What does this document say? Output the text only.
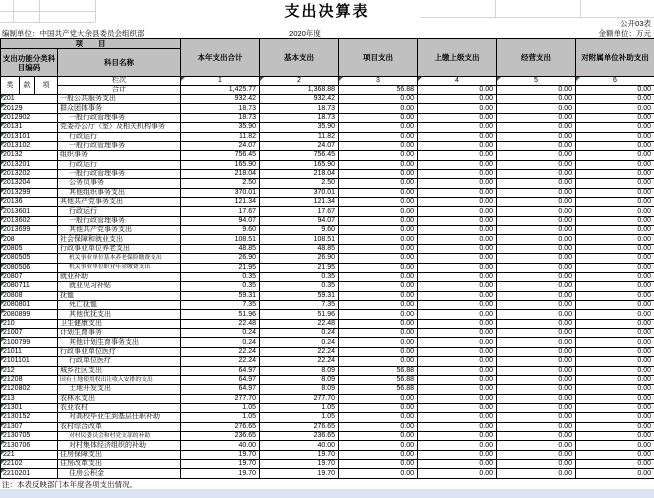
支出决算表
公开03表
编制单位：中国共产党大余县委员会组织部	2020年度	金额单位：万元
项　　目				本年支出合计	基本支出	项目支出	上缴上级支出	经营支出	对附属单位补助支出
支出功能分类科目编码			科目名称						
类	款	项	栏次	1	2	3	4	5	6
			合计	1,425.77	1,368.88	56.88	0.00	0.00	0.00

201			一般公共服务支出	932.42	932.42	0.00	0.00	0.00	0.00

20129			群众团体事务	18.73	18.73	0.00	0.00	0.00	0.00

2012902			一般行政管理事务	18.73	18.73	0.00	0.00	0.00	0.00

20131			党委办公厅（室）及相关机构事务	35.90	35.90	0.00	0.00	0.00	0.00

2013101			行政运行	11.82	11.82	0.00	0.00	0.00	0.00

2013102			一般行政管理事务	24.07	24.07	0.00	0.00	0.00	0.00

20132			组织事务	756.45	756.45	0.00	0.00	0.00	0.00

2013201			行政运行	165.90	165.90	0.00	0.00	0.00	0.00

2013202			一般行政管理事务	218.04	218.04	0.00	0.00	0.00	0.00

2013204			公务员事务	2.50	2.50	0.00	0.00	0.00	0.00

2013299			其他组织事务支出	370.01	370.01	0.00	0.00	0.00	0.00

20136			其他共产党事务支出	121.34	121.34	0.00	0.00	0.00	0.00

2013601			行政运行	17.67	17.67	0.00	0.00	0.00	0.00

2013602			一般行政管理事务	94.07	94.07	0.00	0.00	0.00	0.00

2013699			其他共产党事务支出	9.60	9.60	0.00	0.00	0.00	0.00

208			社会保障和就业支出	108.51	108.51	0.00	0.00	0.00	0.00

20805			行政事业单位养老支出	48.85	48.85	0.00	0.00	0.00	0.00

2080505			机关事业单位基本养老保险缴费支出	26.90	26.90	0.00	0.00	0.00	0.00

2080506			机关事业单位职业年金缴费支出	21.95	21.95	0.00	0.00	0.00	0.00

20807			就业补助	0.35	0.35	0.00	0.00	0.00	0.00

2080711			就业见习补贴	0.35	0.35	0.00	0.00	0.00	0.00

20808			抚恤	59.31	59.31	0.00	0.00	0.00	0.00

2080801			死亡抚恤	7.35	7.35	0.00	0.00	0.00	0.00

2080899			其他优抚支出	51.96	51.96	0.00	0.00	0.00	0.00

210			卫生健康支出	22.48	22.48	0.00	0.00	0.00	0.00

21007			计划生育事务	0.24	0.24	0.00	0.00	0.00	0.00

2100799			其他计划生育事务支出	0.24	0.24	0.00	0.00	0.00	0.00

21011			行政事业单位医疗	22.24	22.24	0.00	0.00	0.00	0.00

2101101			行政单位医疗	22.24	22.24	0.00	0.00	0.00	0.00

212			城乡社区支出	64.97	8.09	56.88	0.00	0.00	0.00

21208			国有土地使用权出让收入安排的支出	64.97	8.09	56.88	0.00	0.00	0.00

2120802			土地开发支出	64.97	8.09	56.88	0.00	0.00	0.00

213			农林水支出	277.70	277.70	0.00	0.00	0.00	0.00

21301			农业农村	1.05	1.05	0.00	0.00	0.00	0.00

2130152			对高校毕业生到基层任职补助	1.05	1.05	0.00	0.00	0.00	0.00

21307			农村综合改革	276.65	276.65	0.00	0.00	0.00	0.00

2130705			对村民委员会和村党支部的补助	236.65	236.65	0.00	0.00	0.00	0.00

2130706			对村集体经济组织的补助	40.00	40.00	0.00	0.00	0.00	0.00

221			住房保障支出	19.70	19.70	0.00	0.00	0.00	0.00

22102			住房改革支出	19.70	19.70	0.00	0.00	0.00	0.00

2210201			住房公积金	19.70	19.70	0.00	0.00	0.00	0.00
注：本表反映部门本年度各项支出情况。
